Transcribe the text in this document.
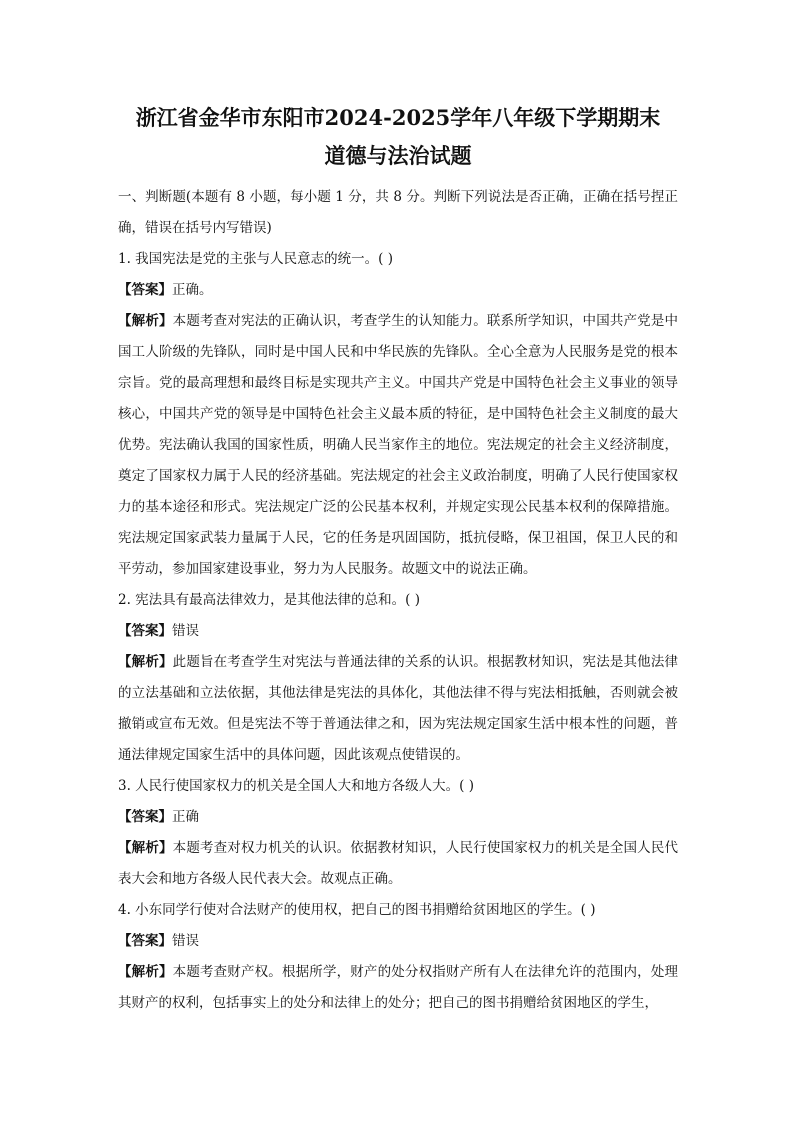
浙江省金华市东阳市2024-2025学年八年级下学期期末
道德与法治试题

一、判断题(本题有 8 小题，每小题 1 分，共 8 分。判断下列说法是否正确，正确在括号捏正确，错误在括号内写错误)

1. 我国宪法是党的主张与人民意志的统一。( )

【答案】正确。

【解析】本题考查对宪法的正确认识，考查学生的认知能力。联系所学知识，中国共产党是中国工人阶级的先锋队，同时是中国人民和中华民族的先锋队。全心全意为人民服务是党的根本宗旨。党的最高理想和最终目标是实现共产主义。中国共产党是中国特色社会主义事业的领导核心，中国共产党的领导是中国特色社会主义最本质的特征，是中国特色社会主义制度的最大优势。宪法确认我国的国家性质，明确人民当家作主的地位。宪法规定的社会主义经济制度，奠定了国家权力属于人民的经济基础。宪法规定的社会主义政治制度，明确了人民行使国家权力的基本途径和形式。宪法规定广泛的公民基本权利，并规定实现公民基本权利的保障措施。宪法规定国家武装力量属于人民，它的任务是巩固国防，抵抗侵略，保卫祖国，保卫人民的和平劳动，参加国家建设事业，努力为人民服务。故题文中的说法正确。

2. 宪法具有最高法律效力，是其他法律的总和。( )

【答案】错误

【解析】此题旨在考查学生对宪法与普通法律的关系的认识。根据教材知识，宪法是其他法律的立法基础和立法依据，其他法律是宪法的具体化，其他法律不得与宪法相抵触，否则就会被撤销或宣布无效。但是宪法不等于普通法律之和，因为宪法规定国家生活中根本性的问题，普通法律规定国家生活中的具体问题，因此该观点使错误的。

3. 人民行使国家权力的机关是全国人大和地方各级人大。( )

【答案】正确

【解析】本题考查对权力机关的认识。依据教材知识，人民行使国家权力的机关是全国人民代表大会和地方各级人民代表大会。故观点正确。

4. 小东同学行使对合法财产的使用权，把自己的图书捐赠给贫困地区的学生。( )

【答案】错误

【解析】本题考查财产权。根据所学，财产的处分权指财产所有人在法律允许的范围内，处理其财产的权利，包括事实上的处分和法律上的处分；把自己的图书捐赠给贫困地区的学生，
